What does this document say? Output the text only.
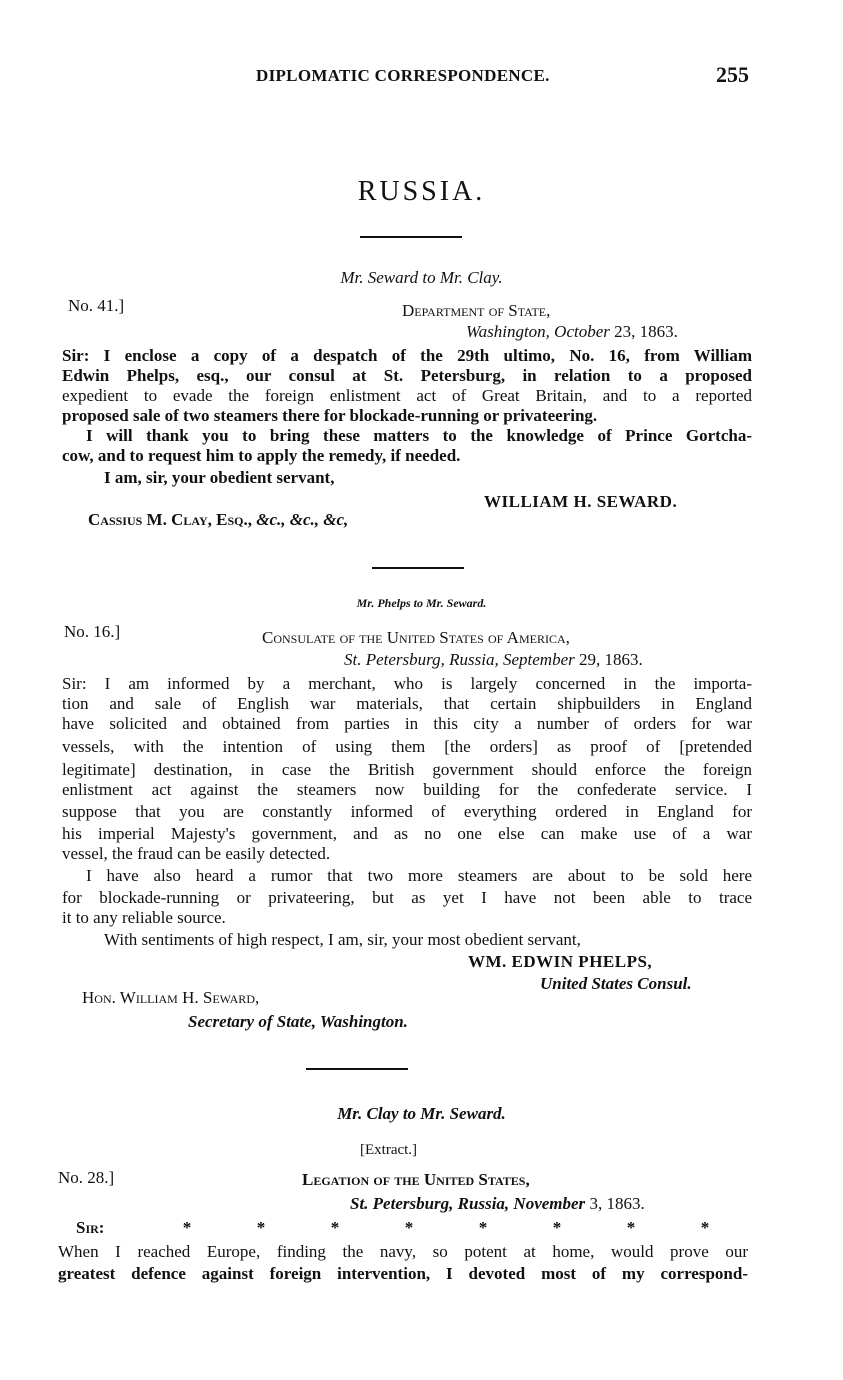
DIPLOMATIC CORRESPONDENCE.	255
RUSSIA.
Mr. Seward to Mr. Clay.
No. 41.]	Department of State,
Washington, October 23, 1863.
Sir: I enclose a copy of a despatch of the 29th ultimo, No. 16, from William
Edwin Phelps, esq., our consul at St. Petersburg, in relation to a proposed
expedient to evade the foreign enlistment act of Great Britain, and to a reported
proposed sale of two steamers there for blockade-running or privateering.
I will thank you to bring these matters to the knowledge of Prince Gortcha-
cow, and to request him to apply the remedy, if needed.
I am, sir, your obedient servant,
WILLIAM H. SEWARD.
Cassius M. Clay, Esq., &c., &c., &c,
Mr. Phelps to Mr. Seward.
No. 16.]	Consulate of the United States of America,
St. Petersburg, Russia, September 29, 1863.
Sir: I am informed by a merchant, who is largely concerned in the importa-
tion and sale of English war materials, that certain shipbuilders in England
have solicited and obtained from parties in this city a number of orders for war
vessels, with the intention of using them [the orders] as proof of [pretended
legitimate] destination, in case the British government should enforce the foreign
enlistment act against the steamers now building for the confederate service. I
suppose that you are constantly informed of everything ordered in England for
his imperial Majesty's government, and as no one else can make use of a war
vessel, the fraud can be easily detected.
I have also heard a rumor that two more steamers are about to be sold here
for blockade-running or privateering, but as yet I have not been able to trace
it to any reliable source.
With sentiments of high respect, I am, sir, your most obedient servant,
WM. EDWIN PHELPS,
United States Consul.
Hon. William H. Seward,
Secretary of State, Washington.
Mr. Clay to Mr. Seward.
[Extract.]
No. 28.]	Legation of the United States,
St. Petersburg, Russia, November 3, 1863.
Sir:	*	*	*	*	*	*	*	*
When I reached Europe, finding the navy, so potent at home, would prove our
greatest defence against foreign intervention, I devoted most of my correspond-
